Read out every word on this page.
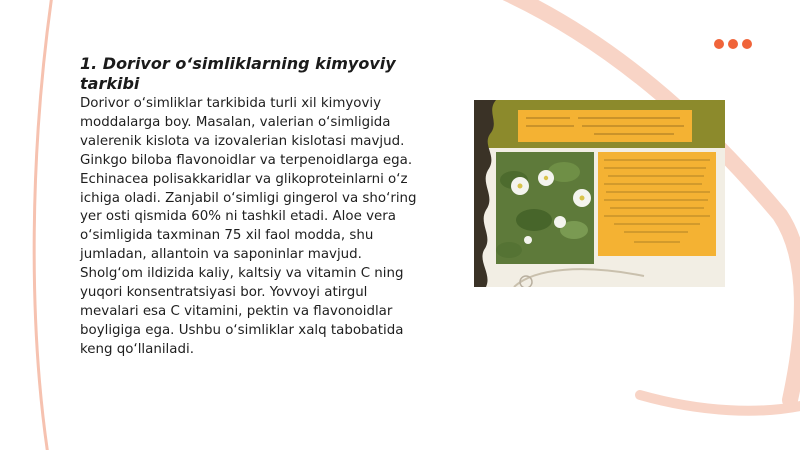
1. Dorivor o‘simliklarning kimyoviy tarkibi

Dorivor o‘simliklar tarkibida turli xil kimyoviy moddalarga boy. Masalan, valerian o‘simligida valerenik kislota va izovalerian kislotasi mavjud. Ginkgo biloba flavonoidlar va terpenoidlarga ega. Echinacea polisakkaridlar va glikoproteinlarni o‘z ichiga oladi. Zanjabil o‘simligi gingerol va sho‘ring yer osti qismida 60% ni tashkil etadi. Aloe vera o‘simligida taxminan 75 xil faol modda, shu jumladan, allantoin va saponinlar mavjud. Sholg‘om ildizida kaliy, kaltsiy va vitamin C ning yuqori konsentratsiyasi bor. Yovvoyi atirgul mevalari esa C vitamini, pektin va flavonoidlar boyligiga ega. Ushbu o‘simliklar xalq tabobatida keng qo‘llaniladi.
